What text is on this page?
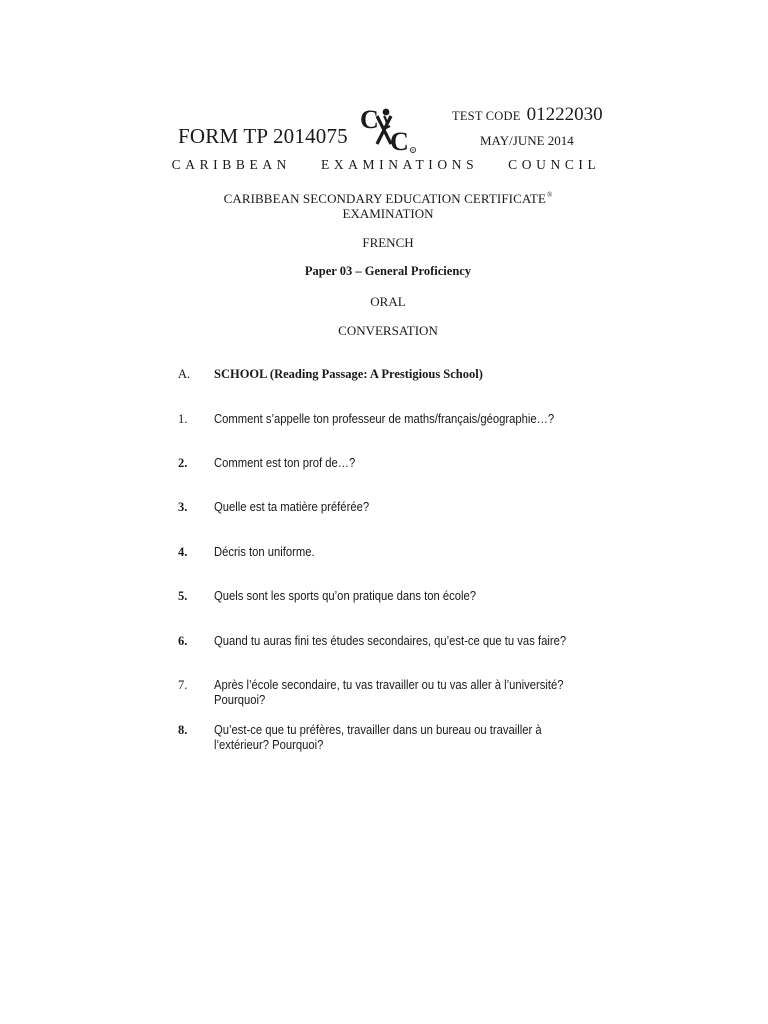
FORM TP 2014075
C
C R
TEST CODE 01222030
MAY/JUNE 2014
CARIBBEAN EXAMINATIONS COUNCIL
CARIBBEAN SECONDARY EDUCATION CERTIFICATE®
EXAMINATION
FRENCH
Paper 03 – General Proficiency
ORAL
CONVERSATION
A. SCHOOL (Reading Passage: A Prestigious School)
1. Comment s’appelle ton professeur de maths/français/géographie…?
2. Comment est ton prof de…?
3. Quelle est ta matière préférée?
4. Décris ton uniforme.
5. Quels sont les sports qu’on pratique dans ton école?
6. Quand tu auras fini tes études secondaires, qu’est-ce que tu vas faire?
7. Après l’école secondaire, tu vas travailler ou tu vas aller à l’université? Pourquoi?
8. Qu’est-ce que tu préfères, travailler dans un bureau ou travailler à l’extérieur? Pourquoi?
